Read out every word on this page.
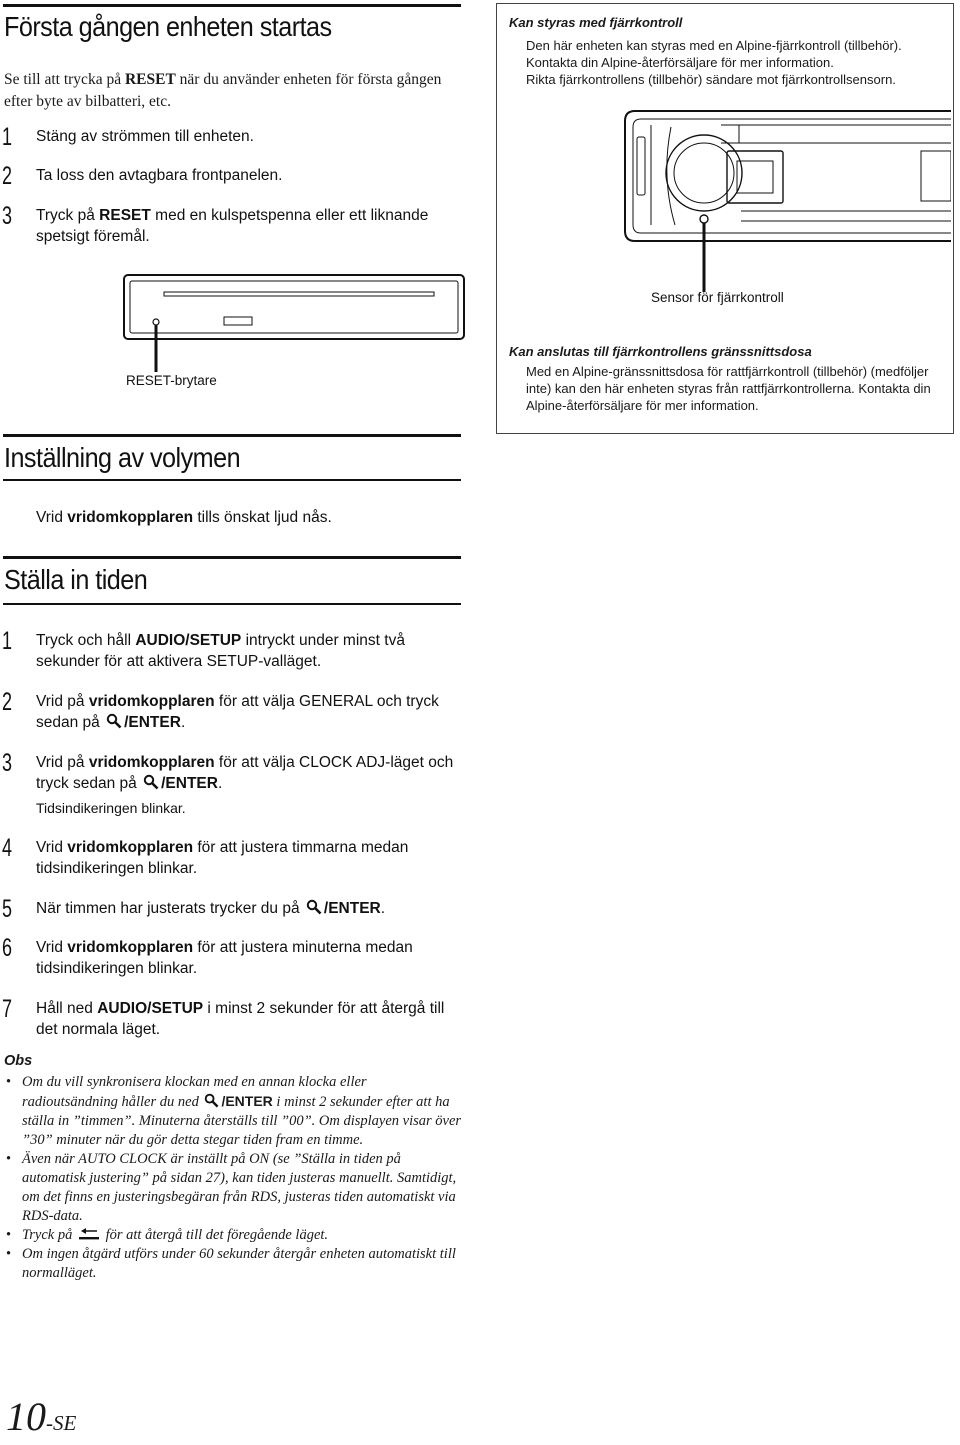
Första gången enheten startas
Se till att trycka på RESET när du använder enheten för första gången efter byte av bilbatteri, etc.
1 Stäng av strömmen till enheten.
2 Ta loss den avtagbara frontpanelen.
3 Tryck på RESET med en kulspetspenna eller ett liknande spetsigt föremål.
RESET-brytare
Inställning av volymen
Vrid vridomkopplaren tills önskat ljud nås.
Ställa in tiden
1 Tryck och håll AUDIO/SETUP intryckt under minst två sekunder för att aktivera SETUP-valläget.
2 Vrid på vridomkopplaren för att välja GENERAL och tryck sedan på /ENTER.
3 Vrid på vridomkopplaren för att välja CLOCK ADJ-läget och tryck sedan på /ENTER.
Tidsindikeringen blinkar.
4 Vrid vridomkopplaren för att justera timmarna medan tidsindikeringen blinkar.
5 När timmen har justerats trycker du på /ENTER.
6 Vrid vridomkopplaren för att justera minuterna medan tidsindikeringen blinkar.
7 Håll ned AUDIO/SETUP i minst 2 sekunder för att återgå till det normala läget.
Obs
• Om du vill synkronisera klockan med en annan klocka eller radioutsändning håller du ned /ENTER i minst 2 sekunder efter att ha ställa in ”timmen”. Minuterna återställs till ”00”. Om displayen visar över ”30” minuter när du gör detta stegar tiden fram en timme.
• Även när AUTO CLOCK är inställt på ON (se ”Ställa in tiden på automatisk justering” på sidan 27), kan tiden justeras manuellt. Samtidigt, om det finns en justeringsbegäran från RDS, justeras tiden automatiskt via RDS-data.
• Tryck på  för att återgå till det föregående läget.
• Om ingen åtgärd utförs under 60 sekunder återgår enheten automatiskt till normalläget.
10-SE
Kan styras med fjärrkontroll
Den här enheten kan styras med en Alpine-fjärrkontroll (tillbehör).
Kontakta din Alpine-återförsäljare för mer information.
Rikta fjärrkontrollens (tillbehör) sändare mot fjärrkontrollsensorn.
Sensor för fjärrkontroll
Kan anslutas till fjärrkontrollens gränssnittsdosa
Med en Alpine-gränssnittsdosa för rattfjärrkontroll (tillbehör) (medföljer inte) kan den här enheten styras från rattfjärrkontrollerna. Kontakta din Alpine-återförsäljare för mer information.
